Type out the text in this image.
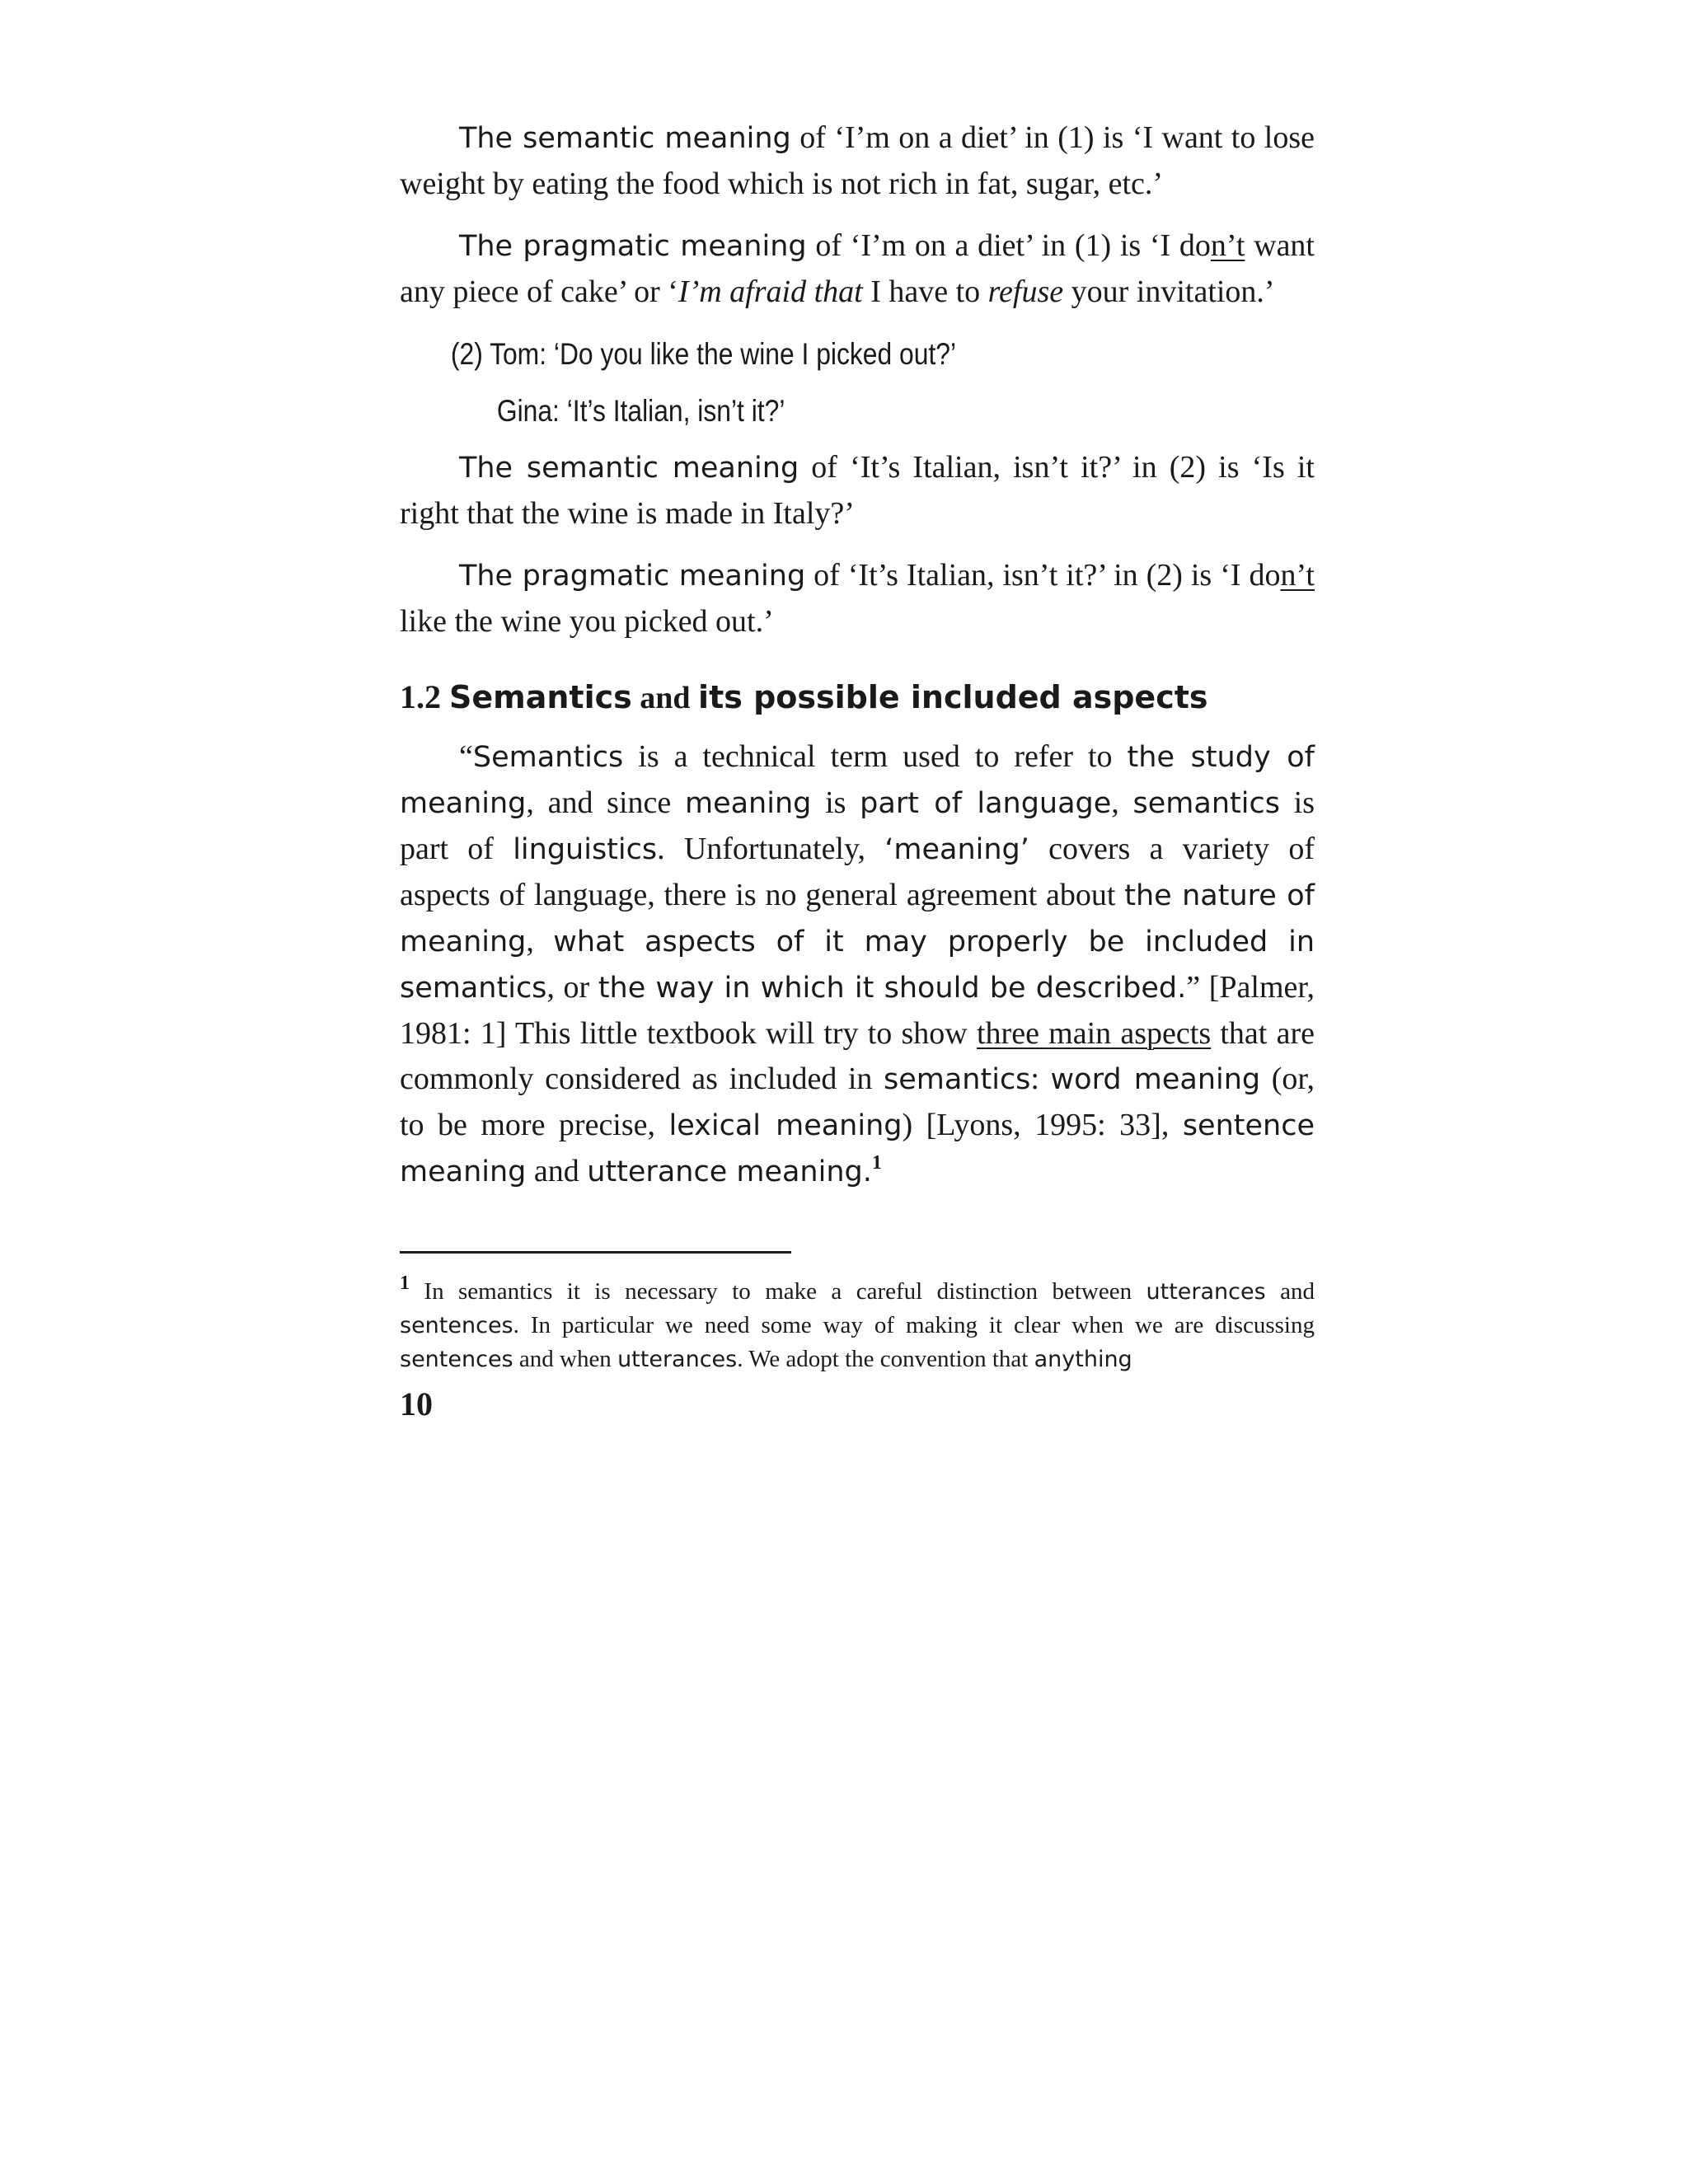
The semantic meaning of ‘I’m on a diet’ in (1) is ‘I want to lose weight by eating the food which is not rich in fat, sugar, etc.’

The pragmatic meaning of ‘I’m on a diet’ in (1) is ‘I don’t want any piece of cake’ or ‘I’m afraid that I have to refuse your invitation.’

(2) Tom: ‘Do you like the wine I picked out?’

Gina: ‘It’s Italian, isn’t it?’

The semantic meaning of ‘It’s Italian, isn’t it?’ in (2) is ‘Is it right that the wine is made in Italy?’

The pragmatic meaning of ‘It’s Italian, isn’t it?’ in (2) is ‘I don’t like the wine you picked out.’

1.2 Semantics and its possible included aspects

“Semantics is a technical term used to refer to the study of meaning, and since meaning is part of language, semantics is part of linguistics. Unfortunately, ‘meaning’ covers a variety of aspects of language, there is no general agreement about the nature of meaning, what aspects of it may properly be included in semantics, or the way in which it should be described.” [Palmer, 1981: 1] This little textbook will try to show three main aspects that are commonly considered as included in semantics: word meaning (or, to be more precise, lexical meaning) [Lyons, 1995: 33], sentence meaning and utterance meaning.$^1$

$^1$ In semantics it is necessary to make a careful distinction between utterances and sentences. In particular we need some way of making it clear when we are discussing sentences and when utterances. We adopt the convention that anything

10
